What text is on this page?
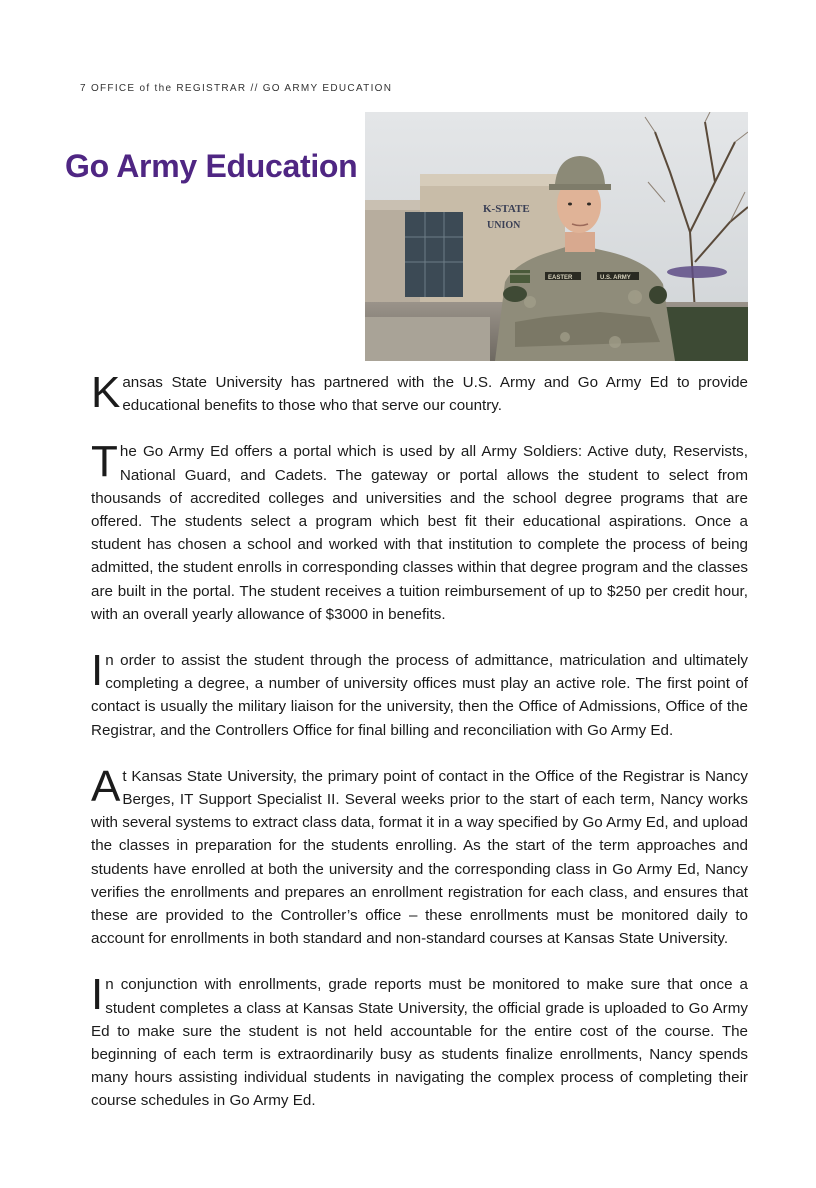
7 OFFICE of the REGISTRAR // GO ARMY EDUCATION
Go Army Education
K-STATE
UNION
EASTER	U.S. ARMY

Kansas State University has partnered with the U.S. Army and Go Army Ed to provide educational benefits to those who that serve our country.

The Go Army Ed offers a portal which is used by all Army Soldiers: Active duty, Reservists, National Guard, and Cadets. The gateway or portal allows the student to select from thousands of accredited colleges and universities and the school degree programs that are offered. The students select a program which best fit their educational aspirations. Once a student has chosen a school and worked with that institution to complete the process of being admitted, the student enrolls in corresponding classes within that degree program and the classes are built in the portal. The student receives a tuition reimbursement of up to $250 per credit hour, with an overall yearly allowance of $3000 in benefits.

In order to assist the student through the process of admittance, matriculation and ultimately completing a degree, a number of university offices must play an active role. The first point of contact is usually the military liaison for the university, then the Office of Admissions, Office of the Registrar, and the Controllers Office for final billing and reconciliation with Go Army Ed.

At Kansas State University, the primary point of contact in the Office of the Registrar is Nancy Berges, IT Support Specialist II. Several weeks prior to the start of each term, Nancy works with several systems to extract class data, format it in a way specified by Go Army Ed, and upload the classes in preparation for the students enrolling. As the start of the term approaches and students have enrolled at both the university and the corresponding class in Go Army Ed, Nancy verifies the enrollments and prepares an enrollment registration for each class, and ensures that these are provided to the Controller’s office – these enrollments must be monitored daily to account for enrollments in both standard and non-standard courses at Kansas State University.

In conjunction with enrollments, grade reports must be monitored to make sure that once a student completes a class at Kansas State University, the official grade is uploaded to Go Army Ed to make sure the student is not held accountable for the entire cost of the course. The beginning of each term is extraordinarily busy as students finalize enrollments, Nancy spends many hours assisting individual students in navigating the complex process of completing their course schedules in Go Army Ed.
